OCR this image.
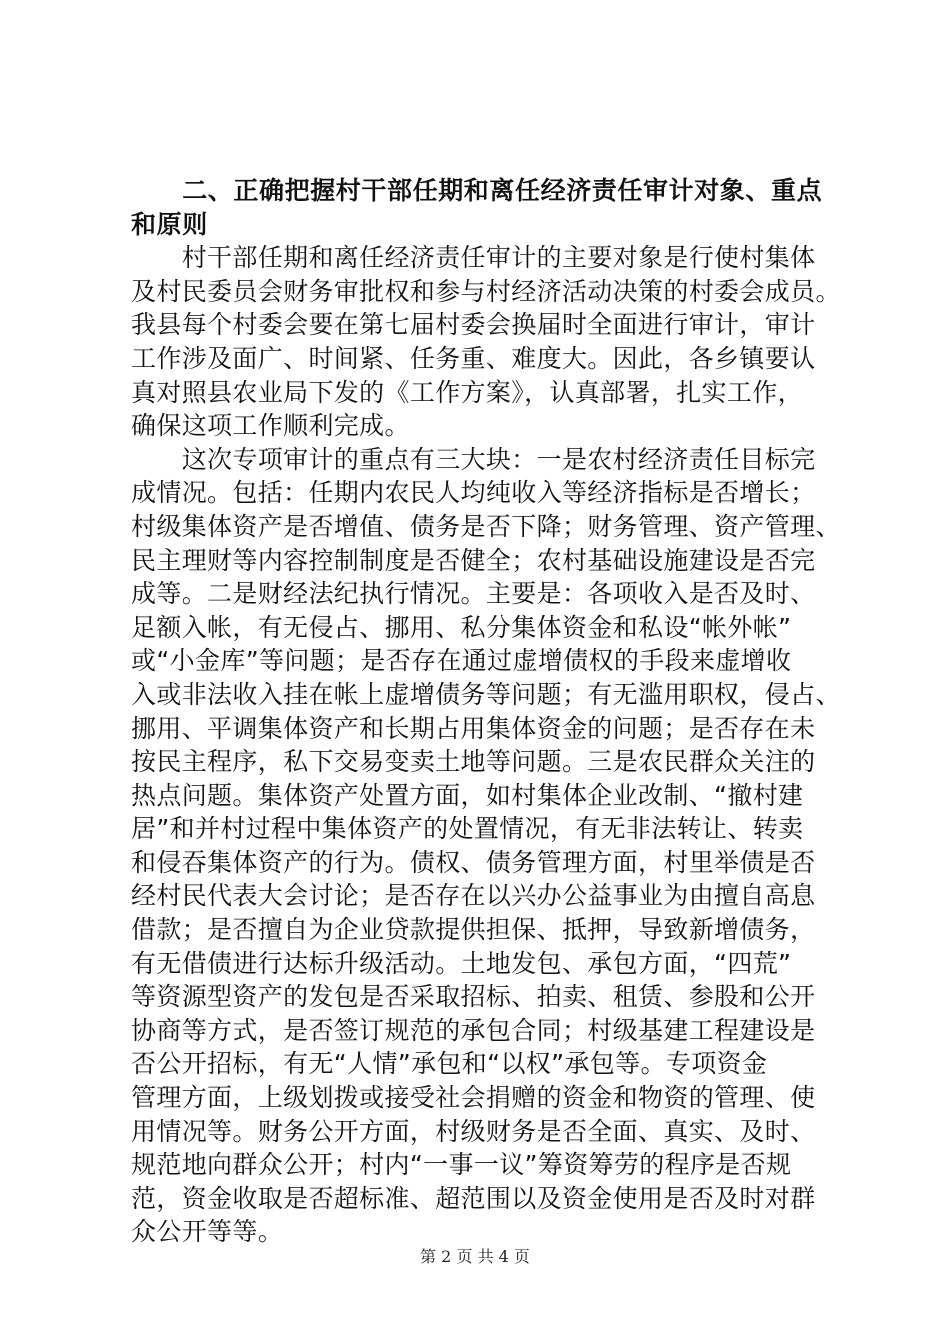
　　二、正确把握村干部任期和离任经济责任审计对象、重点
和原则
　　村干部任期和离任经济责任审计的主要对象是行使村集体
及村民委员会财务审批权和参与村经济活动决策的村委会成员。
我县每个村委会要在第七届村委会换届时全面进行审计，审计
工作涉及面广、时间紧、任务重、难度大。因此，各乡镇要认
真对照县农业局下发的《工作方案》，认真部署，扎实工作，
确保这项工作顺利完成。
　　这次专项审计的重点有三大块：一是农村经济责任目标完
成情况。包括：任期内农民人均纯收入等经济指标是否增长；
村级集体资产是否增值、债务是否下降；财务管理、资产管理、
民主理财等内容控制制度是否健全；农村基础设施建设是否完
成等。二是财经法纪执行情况。主要是：各项收入是否及时、
足额入帐，有无侵占、挪用、私分集体资金和私设“帐外帐”
或“小金库”等问题；是否存在通过虚增债权的手段来虚增收
入或非法收入挂在帐上虚增债务等问题；有无滥用职权，侵占、
挪用、平调集体资产和长期占用集体资金的问题；是否存在未
按民主程序，私下交易变卖土地等问题。三是农民群众关注的
热点问题。集体资产处置方面，如村集体企业改制、“撤村建
居”和并村过程中集体资产的处置情况，有无非法转让、转卖
和侵吞集体资产的行为。债权、债务管理方面，村里举债是否
经村民代表大会讨论；是否存在以兴办公益事业为由擅自高息
借款；是否擅自为企业贷款提供担保、抵押，导致新增债务，
有无借债进行达标升级活动。土地发包、承包方面，“四荒”
等资源型资产的发包是否采取招标、拍卖、租赁、参股和公开
协商等方式，是否签订规范的承包合同；村级基建工程建设是
否公开招标，有无“人情”承包和“以权”承包等。专项资金
管理方面，上级划拨或接受社会捐赠的资金和物资的管理、使
用情况等。财务公开方面，村级财务是否全面、真实、及时、
规范地向群众公开；村内“一事一议”筹资筹劳的程序是否规
范，资金收取是否超标准、超范围以及资金使用是否及时对群
众公开等等。
第 2 页 共 4 页
